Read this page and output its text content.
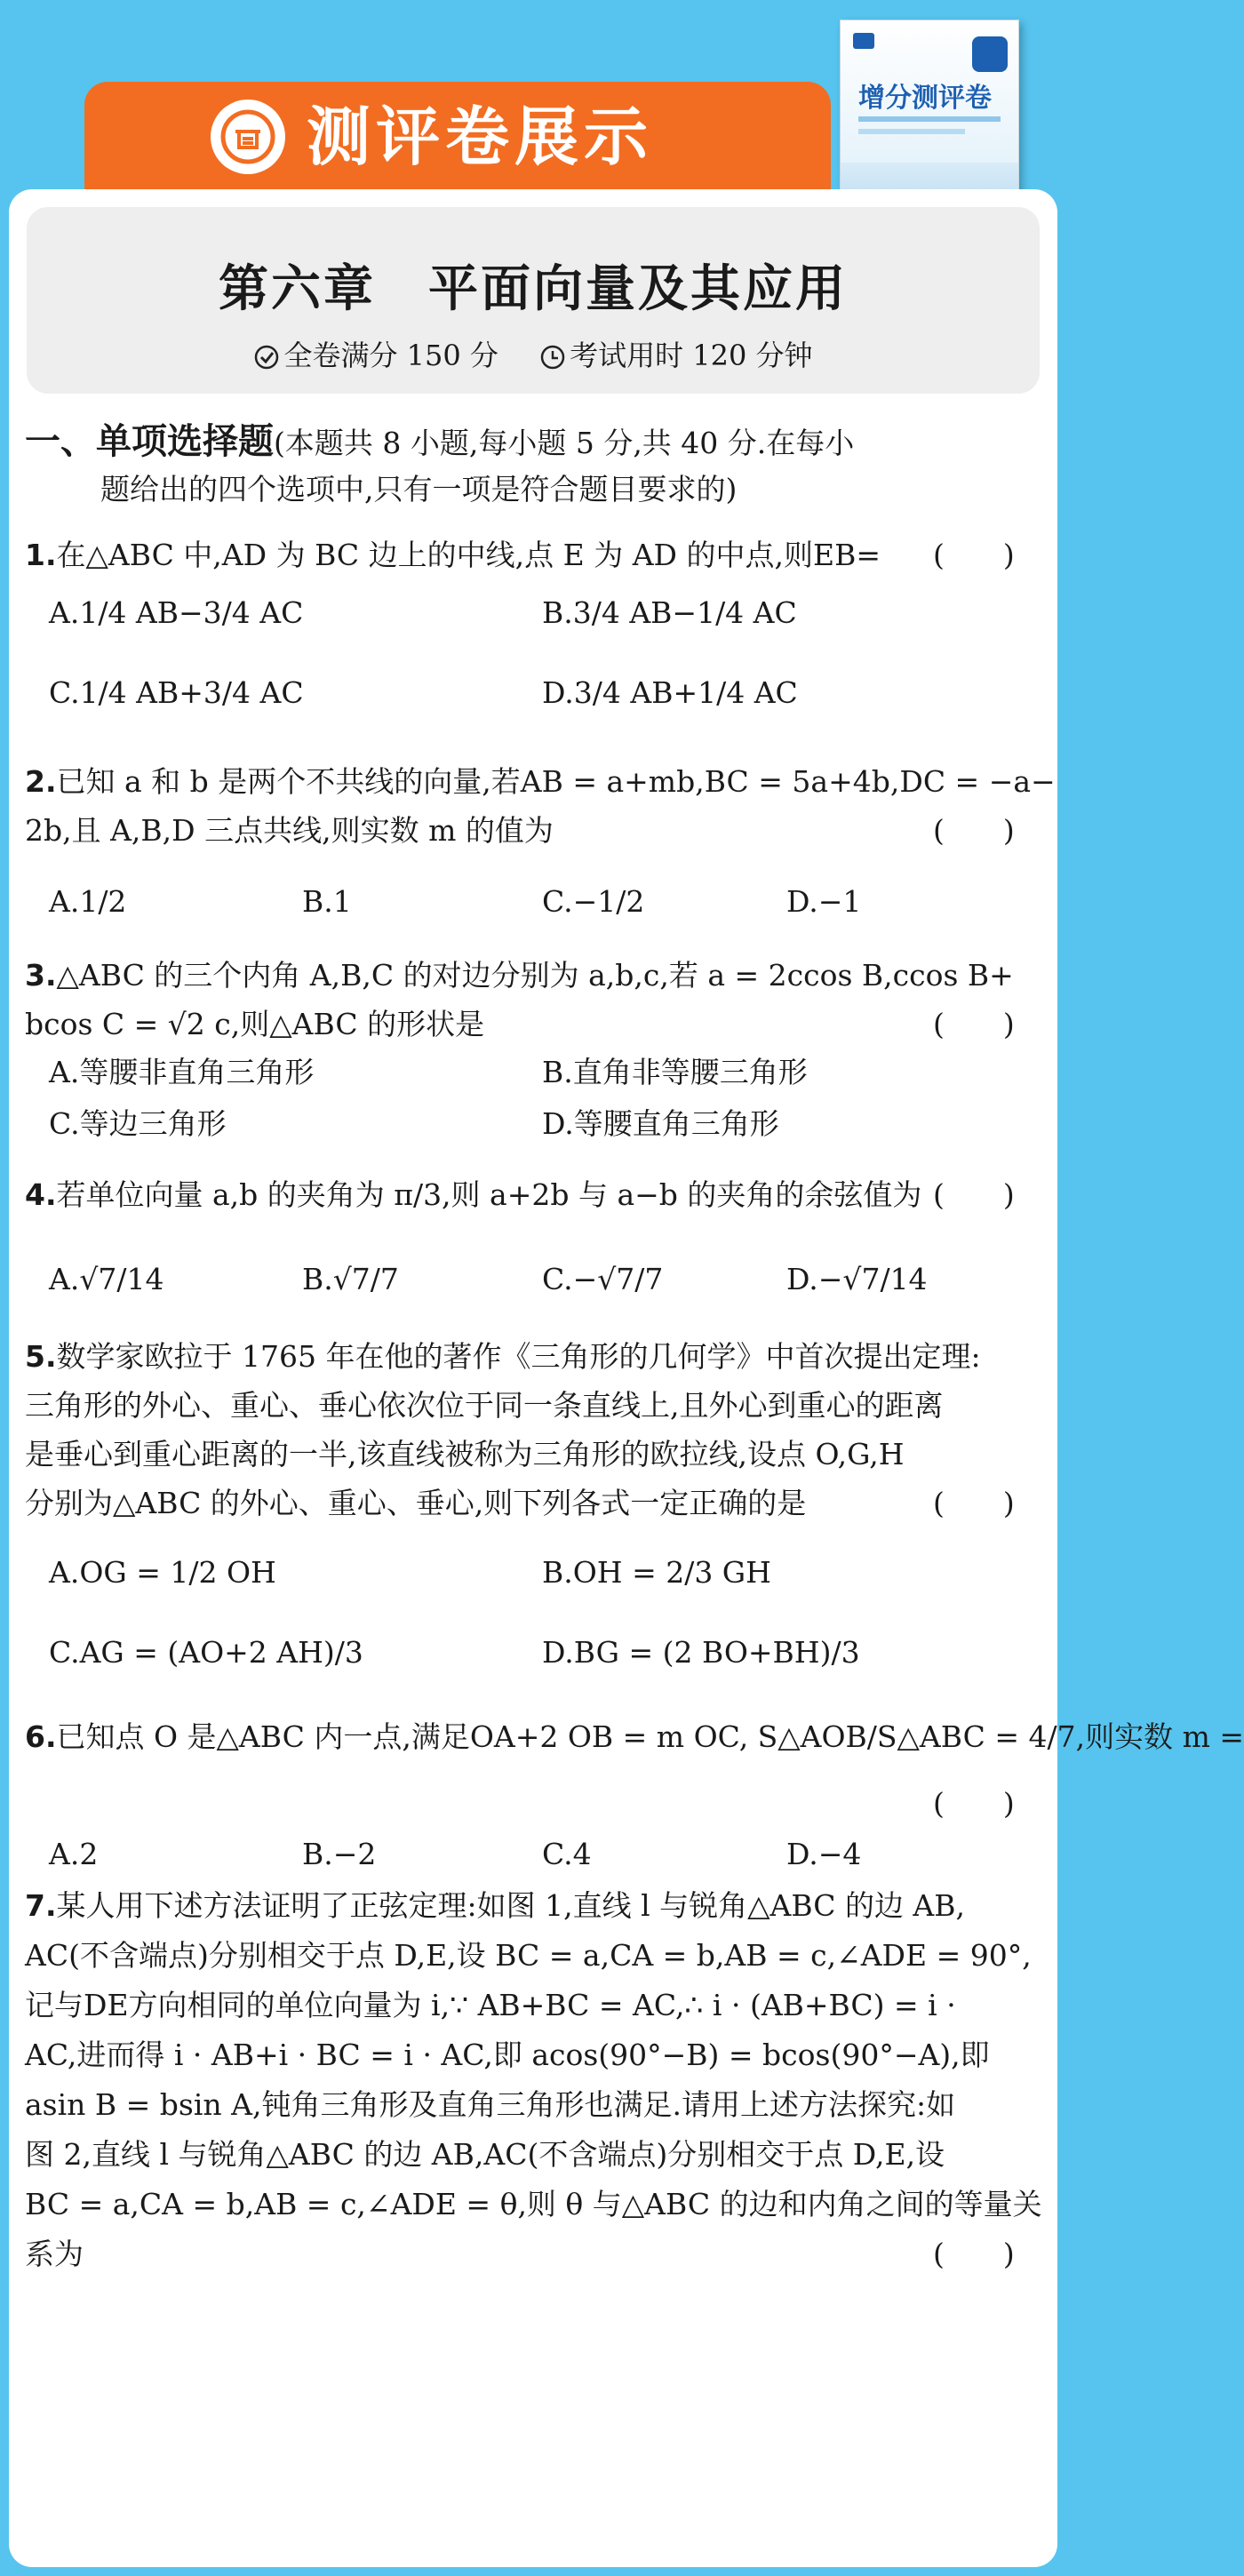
测评卷展示
增分测评卷
第六章　平面向量及其应用
全卷满分 150 分	考试用时 120 分钟
一、单项选择题(本题共 8 小题,每小题 5 分,共 40 分.在每小
题给出的四个选项中,只有一项是符合题目要求的)
1.在△ABC 中,AD 为 BC 边上的中线,点 E 为 AD 的中点,则EB= (　　)
A.1/4 AB−3/4 AC	B.3/4 AB−1/4 AC
C.1/4 AB+3/4 AC	D.3/4 AB+1/4 AC
2.已知 a 和 b 是两个不共线的向量,若AB = a+mb,BC = 5a+4b,DC = −a−
2b,且 A,B,D 三点共线,则实数 m 的值为	(　　)
A.1/2	B.1	C.−1/2	D.−1
3.△ABC 的三个内角 A,B,C 的对边分别为 a,b,c,若 a = 2ccos B,ccos B+
bcos C = √2 c,则△ABC 的形状是	(　　)
A.等腰非直角三角形	B.直角非等腰三角形
C.等边三角形	D.等腰直角三角形
4.若单位向量 a,b 的夹角为 π/3,则 a+2b 与 a−b 的夹角的余弦值为 (　　)
A.√7/14	B.√7/7	C.−√7/7	D.−√7/14
5.数学家欧拉于 1765 年在他的著作《三角形的几何学》中首次提出定理:
三角形的外心、重心、垂心依次位于同一条直线上,且外心到重心的距离
是垂心到重心距离的一半,该直线被称为三角形的欧拉线,设点 O,G,H
分别为△ABC 的外心、重心、垂心,则下列各式一定正确的是	(　　)
A.OG = 1/2 OH	B.OH = 2/3 GH
C.AG = (AO+2 AH)/3	D.BG = (2 BO+BH)/3
6.已知点 O 是△ABC 内一点,满足OA+2 OB = m OC, S△AOB/S△ABC = 4/7,则实数 m =
(　　)
A.2	B.−2	C.4	D.−4
7.某人用下述方法证明了正弦定理:如图 1,直线 l 与锐角△ABC 的边 AB,
AC(不含端点)分别相交于点 D,E,设 BC = a,CA = b,AB = c,∠ADE = 90°,
记与DE方向相同的单位向量为 i,∵ AB+BC = AC,∴ i · (AB+BC) = i ·
AC,进而得 i · AB+i · BC = i · AC,即 acos(90°−B) = bcos(90°−A),即
asin B = bsin A,钝角三角形及直角三角形也满足.请用上述方法探究:如
图 2,直线 l 与锐角△ABC 的边 AB,AC(不含端点)分别相交于点 D,E,设
BC = a,CA = b,AB = c,∠ADE = θ,则 θ 与△ABC 的边和内角之间的等量关
系为	(　　)
